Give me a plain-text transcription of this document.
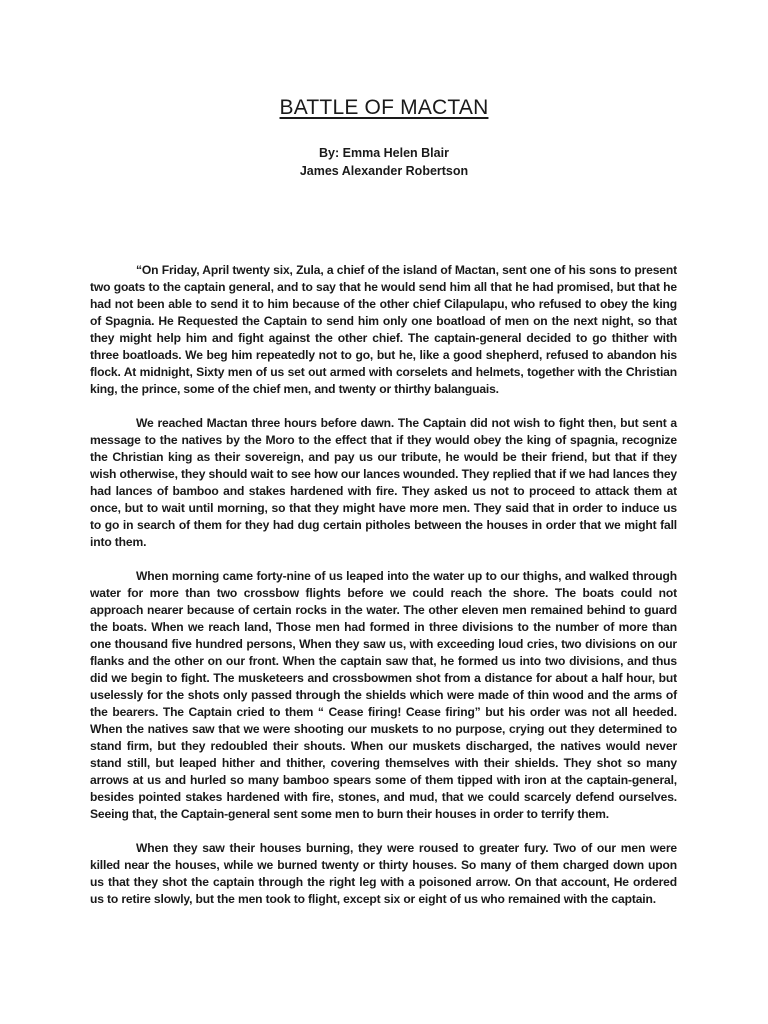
BATTLE OF MACTAN

By: Emma Helen Blair

James Alexander Robertson

“On Friday, April twenty six, Zula, a chief of the island of Mactan, sent one of his sons to present two goats to the captain general, and to say that he would send him all that he had promised, but that he had not been able to send it to him because of the other chief Cilapulapu, who refused to obey the king of Spagnia. He Requested the Captain to send him only one boatload of men on the next night, so that they might help him and fight against the other chief. The captain-general decided to go thither with three boatloads. We beg him repeatedly not to go, but he, like a good shepherd, refused to abandon his flock. At midnight, Sixty men of us set out armed with corselets and helmets, together with the Christian king, the prince, some of the chief men, and twenty or thirthy balanguais.

We reached Mactan three hours before dawn. The Captain did not wish to fight then, but sent a message to the natives by the Moro to the effect that if they would obey the king of spagnia, recognize the Christian king as their sovereign, and pay us our tribute, he would be their friend, but that if they wish otherwise, they should wait to see how our lances wounded. They replied that if we had lances they had lances of bamboo and stakes hardened with fire. They asked us not to proceed to attack them at once, but to wait until morning, so that they might have more men. They said that in order to induce us to go in search of them for they had dug certain pitholes between the houses in order that we might fall into them.

When morning came forty-nine of us leaped into the water up to our thighs, and walked through water for more than two crossbow flights before we could reach the shore. The boats could not approach nearer because of certain rocks in the water. The other eleven men remained behind to guard the boats. When we reach land, Those men had formed in three divisions to the number of more than one thousand five hundred persons, When they saw us, with exceeding loud cries, two divisions on our flanks and the other on our front. When the captain saw that, he formed us into two divisions, and thus did we begin to fight. The musketeers and crossbowmen shot from a distance for about a half hour, but uselessly for the shots only passed through the shields which were made of thin wood and the arms of the bearers. The Captain cried to them “ Cease firing! Cease firing” but his order was not all heeded. When the natives saw that we were shooting our muskets to no purpose, crying out they determined to stand firm, but they redoubled their shouts. When our muskets discharged, the natives would never stand still, but leaped hither and thither, covering themselves with their shields. They shot so many arrows at us and hurled so many bamboo spears some of them tipped with iron at the captain-general, besides pointed stakes hardened with fire, stones, and mud, that we could scarcely defend ourselves. Seeing that, the Captain-general sent some men to burn their houses in order to terrify them.

When they saw their houses burning, they were roused to greater fury. Two of our men were killed near the houses, while we burned twenty or thirty houses. So many of them charged down upon us that they shot the captain through the right leg with a poisoned arrow. On that account, He ordered us to retire slowly, but the men took to flight, except six or eight of us who remained with the captain.
